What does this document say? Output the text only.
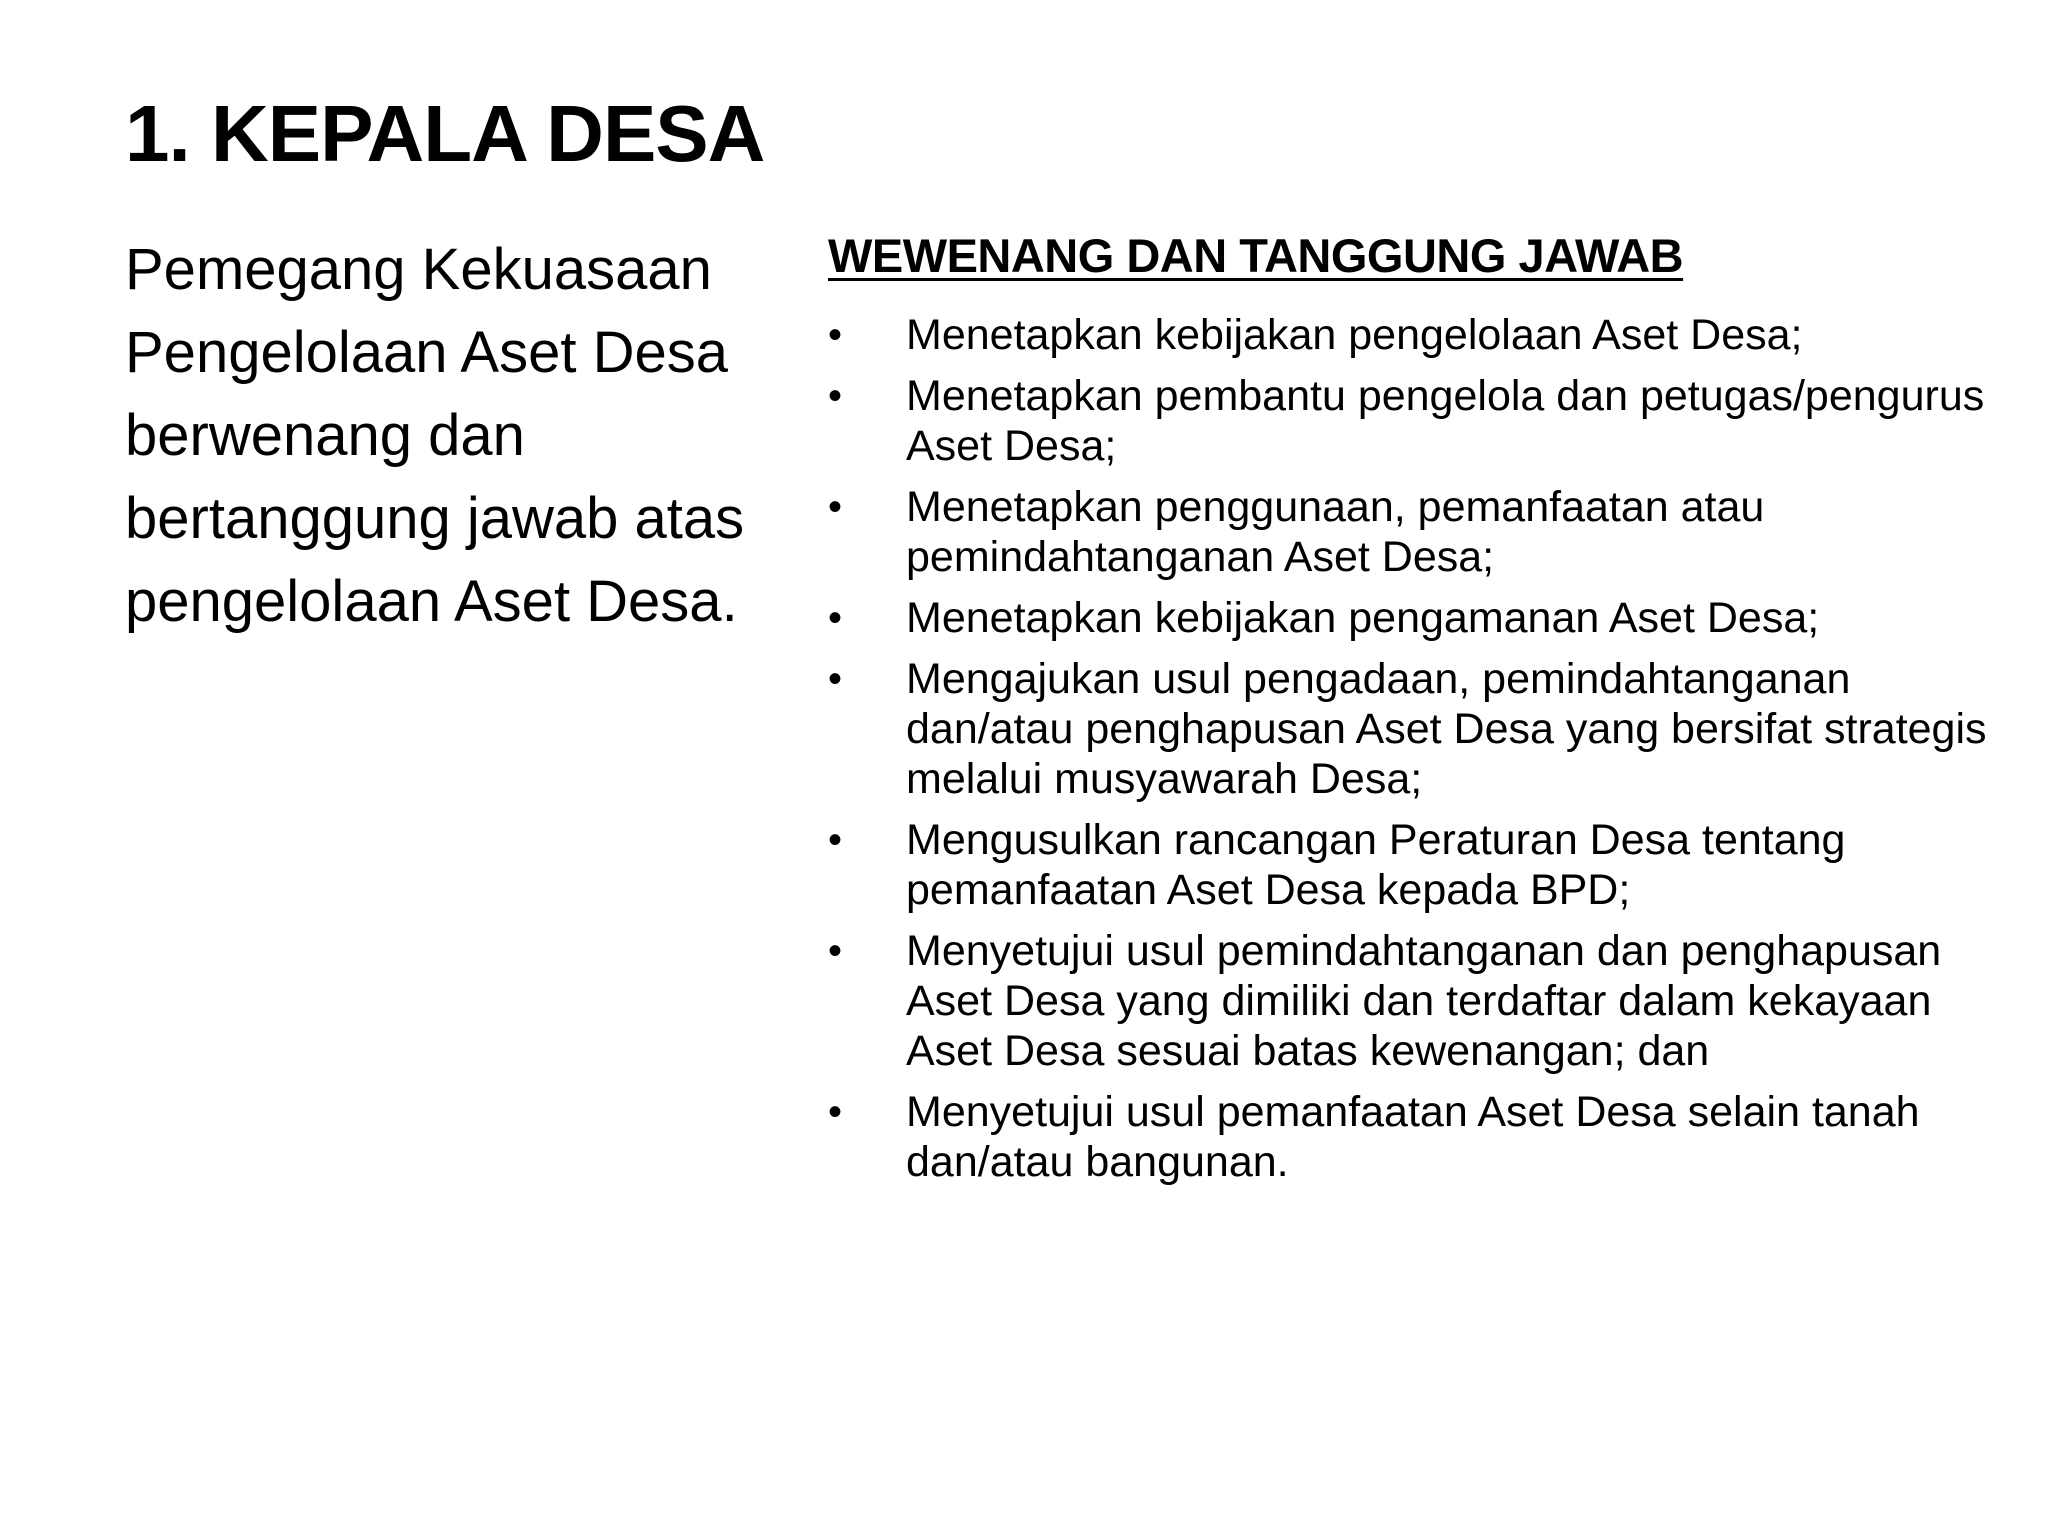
1. KEPALA DESA

Pemegang Kekuasaan Pengelolaan Aset Desa berwenang dan bertanggung jawab atas pengelolaan Aset Desa.

WEWENANG DAN TANGGUNG JAWAB
•	Menetapkan kebijakan pengelolaan Aset Desa;
•	Menetapkan pembantu pengelola dan petugas/pengurus Aset Desa;
•	Menetapkan penggunaan, pemanfaatan atau pemindahtanganan Aset Desa;
•	Menetapkan kebijakan pengamanan Aset Desa;
•	Mengajukan usul pengadaan, pemindahtanganan dan/atau penghapusan Aset Desa yang bersifat strategis melalui musyawarah Desa;
•	Mengusulkan rancangan Peraturan Desa tentang pemanfaatan Aset Desa kepada BPD;
•	Menyetujui usul pemindahtanganan dan penghapusan Aset Desa yang dimiliki dan terdaftar dalam kekayaan Aset Desa sesuai batas kewenangan; dan
•	Menyetujui usul pemanfaatan Aset Desa selain tanah dan/atau bangunan.
